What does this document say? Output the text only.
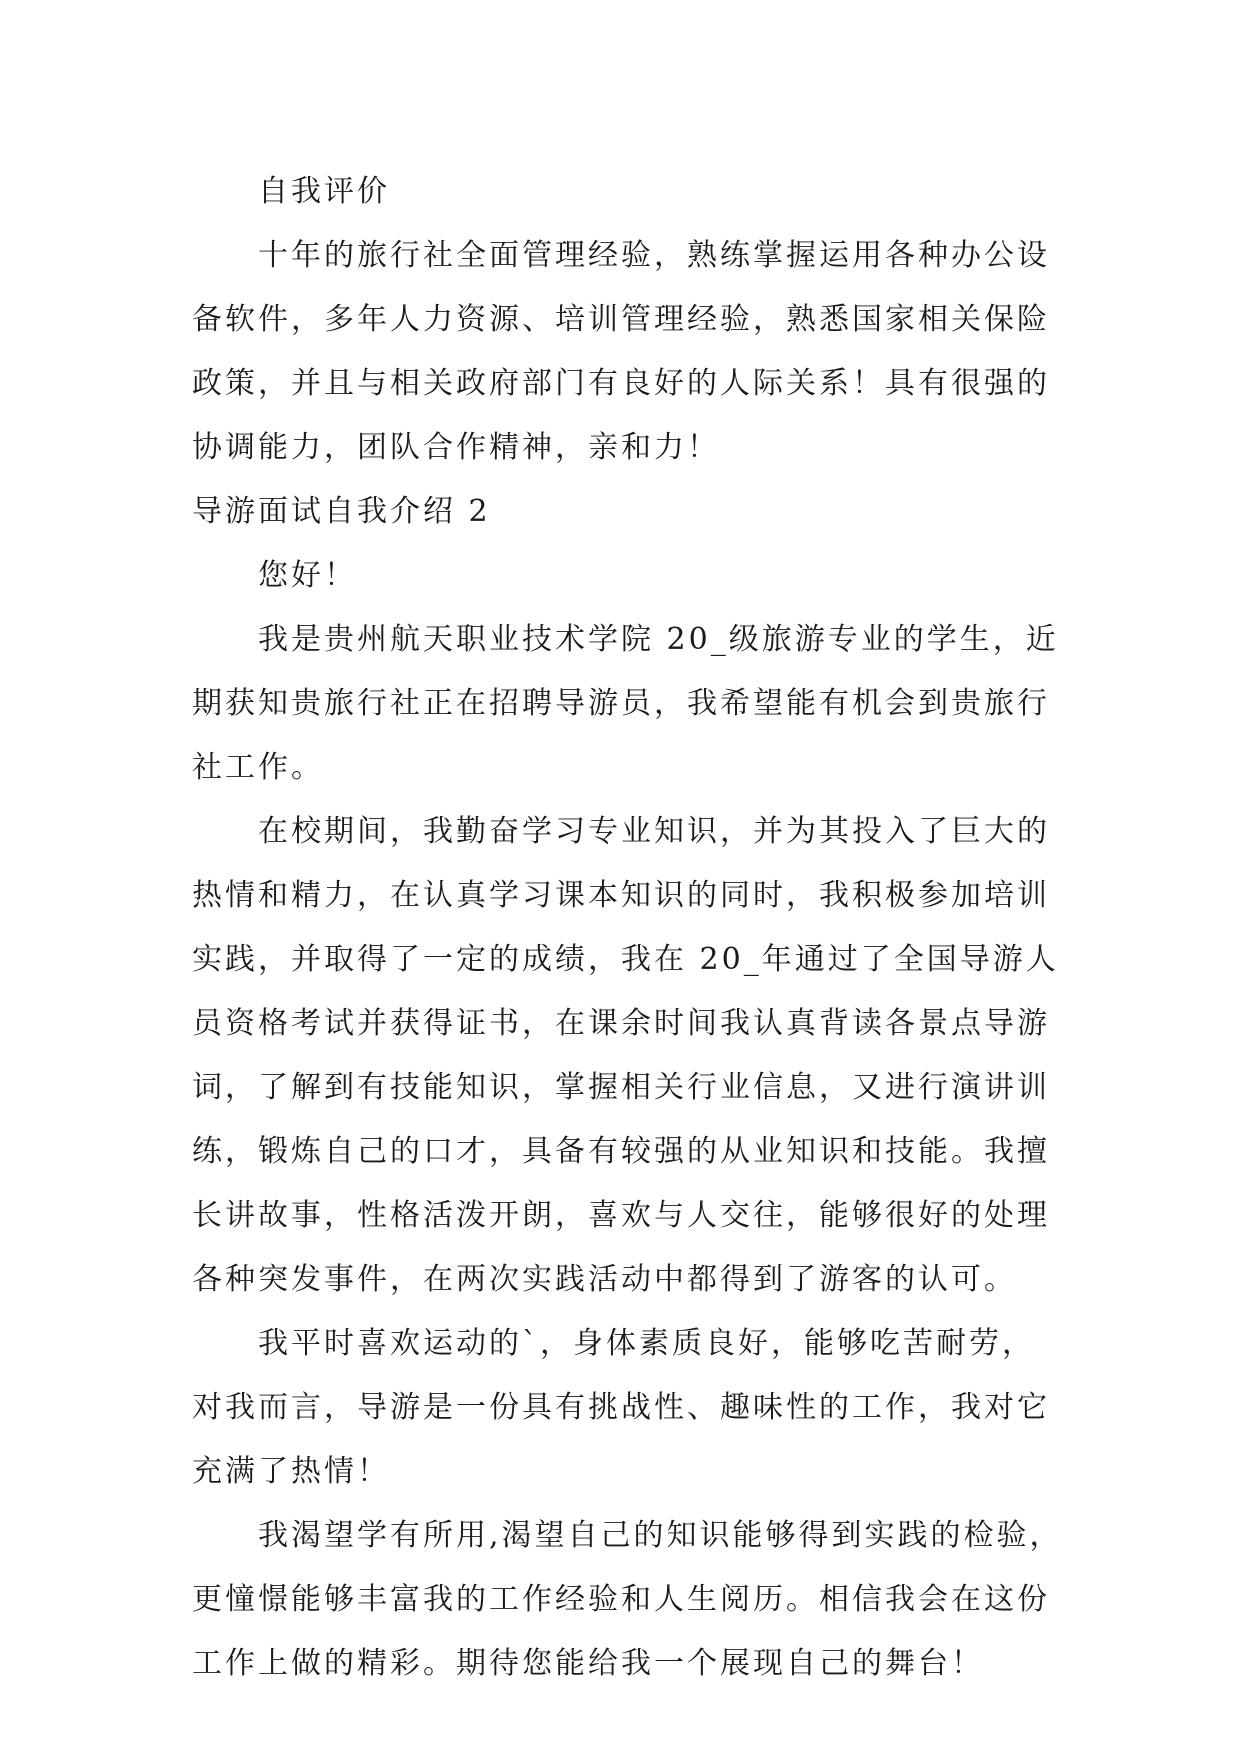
自我评价

十年的旅行社全面管理经验，熟练掌握运用各种办公设
备软件，多年人力资源、培训管理经验，熟悉国家相关保险
政策，并且与相关政府部门有良好的人际关系！具有很强的
协调能力，团队合作精神，亲和力！

导游面试自我介绍 2

您好！

我是贵州航天职业技术学院 20_级旅游专业的学生，近
期获知贵旅行社正在招聘导游员，我希望能有机会到贵旅行
社工作。

在校期间，我勤奋学习专业知识，并为其投入了巨大的
热情和精力，在认真学习课本知识的同时，我积极参加培训
实践，并取得了一定的成绩，我在 20_年通过了全国导游人
员资格考试并获得证书，在课余时间我认真背读各景点导游
词，了解到有技能知识，掌握相关行业信息，又进行演讲训
练，锻炼自己的口才，具备有较强的从业知识和技能。我擅
长讲故事，性格活泼开朗，喜欢与人交往，能够很好的处理
各种突发事件，在两次实践活动中都得到了游客的认可。

我平时喜欢运动的`，身体素质良好，能够吃苦耐劳，
对我而言，导游是一份具有挑战性、趣味性的工作，我对它
充满了热情！

我渴望学有所用,渴望自己的知识能够得到实践的检验，
更憧憬能够丰富我的工作经验和人生阅历。相信我会在这份
工作上做的精彩。期待您能给我一个展现自己的舞台！
